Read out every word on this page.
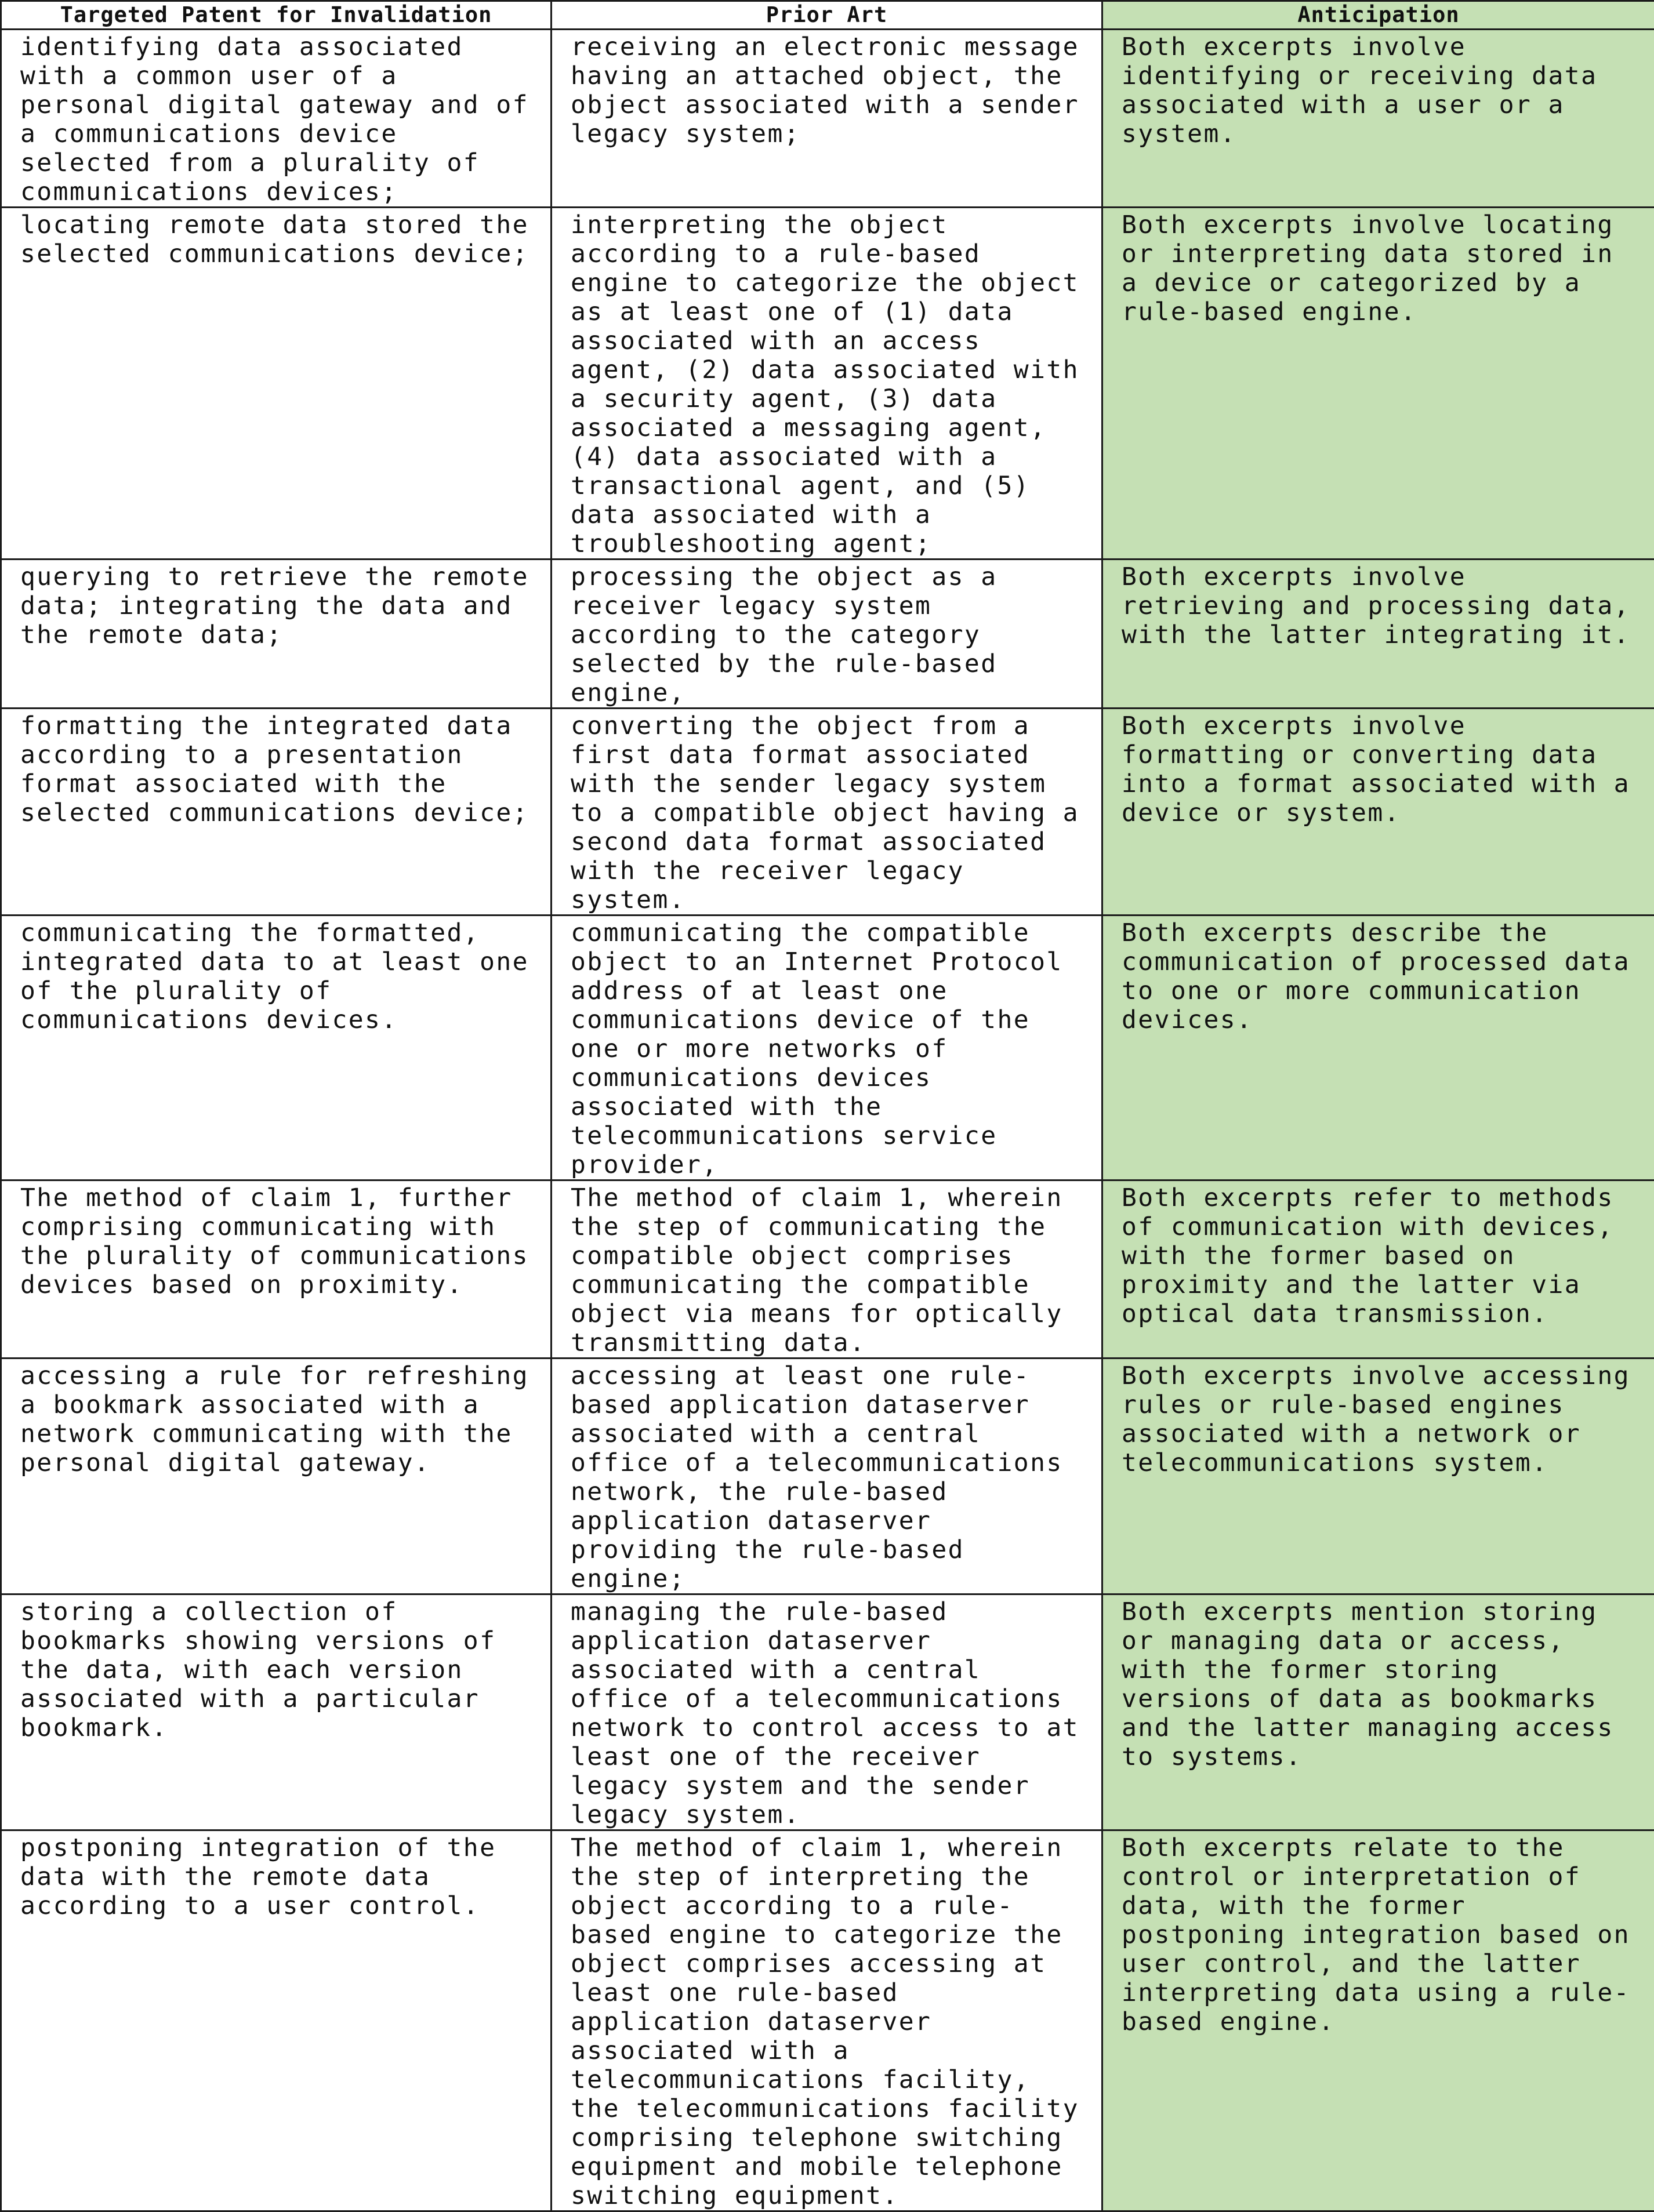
Targeted Patent for Invalidation	Prior Art	Anticipation
identifying data associated with a common user of a personal digital gateway and of a communications device selected from a plurality of communications devices;	receiving an electronic message having an attached object, the object associated with a sender legacy system;	Both excerpts involve identifying or receiving data associated with a user or a system.
locating remote data stored the selected communications device;	interpreting the object according to a rule-based engine to categorize the object as at least one of (1) data associated with an access agent, (2) data associated with a security agent, (3) data associated a messaging agent, (4) data associated with a transactional agent, and (5) data associated with a troubleshooting agent;	Both excerpts involve locating or interpreting data stored in a device or categorized by a rule-based engine.
querying to retrieve the remote data; integrating the data and the remote data;	processing the object as a receiver legacy system according to the category selected by the rule-based engine,	Both excerpts involve retrieving and processing data, with the latter integrating it.
formatting the integrated data according to a presentation format associated with the selected communications device;	converting the object from a first data format associated with the sender legacy system to a compatible object having a second data format associated with the receiver legacy system.	Both excerpts involve formatting or converting data into a format associated with a device or system.
communicating the formatted, integrated data to at least one of the plurality of communications devices.	communicating the compatible object to an Internet Protocol address of at least one communications device of the one or more networks of communications devices associated with the telecommunications service provider,	Both excerpts describe the communication of processed data to one or more communication devices.
The method of claim 1, further comprising communicating with the plurality of communications devices based on proximity.	The method of claim 1, wherein the step of communicating the compatible object comprises communicating the compatible object via means for optically transmitting data.	Both excerpts refer to methods of communication with devices, with the former based on proximity and the latter via optical data transmission.
accessing a rule for refreshing a bookmark associated with a network communicating with the personal digital gateway.	accessing at least one rule-based application dataserver associated with a central office of a telecommunications network, the rule-based application dataserver providing the rule-based engine;	Both excerpts involve accessing rules or rule-based engines associated with a network or telecommunications system.
storing a collection of bookmarks showing versions of the data, with each version associated with a particular bookmark.	managing the rule-based application dataserver associated with a central office of a telecommunications network to control access to at least one of the receiver legacy system and the sender legacy system.	Both excerpts mention storing or managing data or access, with the former storing versions of data as bookmarks and the latter managing access to systems.
postponing integration of the data with the remote data according to a user control.	The method of claim 1, wherein the step of interpreting the object according to a rule-based engine to categorize the object comprises accessing at least one rule-based application dataserver associated with a telecommunications facility, the telecommunications facility comprising telephone switching equipment and mobile telephone switching equipment.	Both excerpts relate to the control or interpretation of data, with the former postponing integration based on user control, and the latter interpreting data using a rule-based engine.
